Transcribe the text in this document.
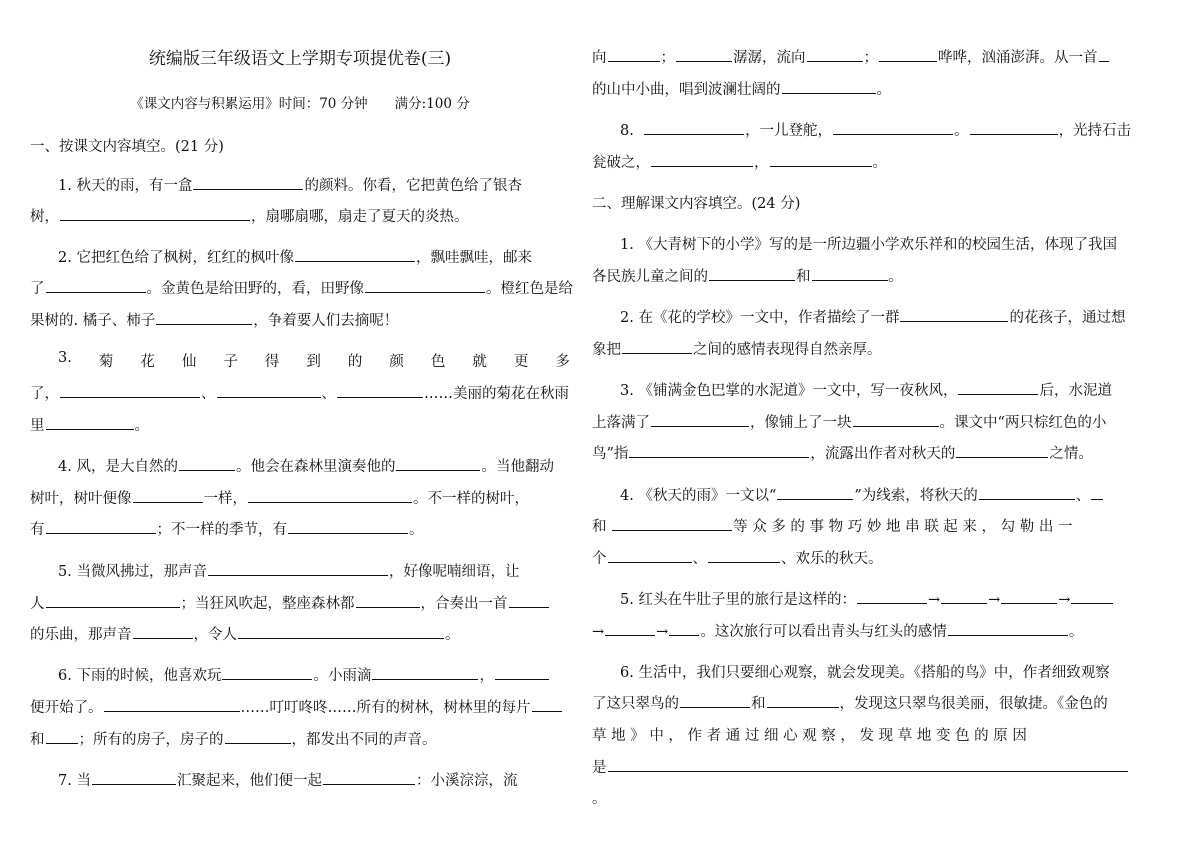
统编版三年级语文上学期专项提优卷(三)
《课文内容与积累运用》时间：70 分钟　　满分:100 分
一、按课文内容填空。(21 分)
1. 秋天的雨，有一盒	的颜料。你看，它把黄色给了银杏
树，	，扇哪扇哪，扇走了夏天的炎热。
2. 它把红色给了枫树，红红的枫叶像	，飘哇飘哇，邮来
了	。金黄色是给田野的，看，田野像	。橙红色是给
果树的. 橘子、柿子	，争着要人们去摘呢！
3. 菊 花 仙 子 得 到 的 颜 色 就 更 多
了，	、	、	……美丽的菊花在秋雨
里	。
4. 风，是大自然的	。他会在森林里演奏他的	。当他翻动
树叶，树叶便像	一样，	。不一样的树叶，
有	；不一样的季节，有	。
5. 当微风拂过，那声音	，好像呢喃细语，让
人	；当狂风吹起，整座森林都	，合奏出一首
的乐曲，那声音	，令人	。
6. 下雨的时候，他喜欢玩	。小雨滴	，
便开始了。	……叮叮咚咚……所有的树林，树林里的每片
和 ；所有的房子，房子的	，都发出不同的声音。
7. 当	汇聚起来，他们便一起	：小溪淙淙，流
向	；	潺潺，流向	；	哗哗，汹涌澎湃。从一首
的山中小曲，唱到波澜壮阔的	。
8.	，一儿登舵，	。	，光持石击
瓮破之，	，	。
二、理解课文内容填空。(24 分)
1. 《大青树下的小学》写的是一所边疆小学欢乐祥和的校园生活，体现了我国
各民族儿童之间的	和	。
2. 在《花的学校》一文中，作者描绘了一群	的花孩子，通过想
象把	之间的感情表现得自然亲厚。
3. 《铺满金色巴掌的水泥道》一文中，写一夜秋风，	后，水泥道
上落满了	，像铺上了一块	。课文中“两只棕红色的小
鸟”指	，流露出作者对秋天的	之情。
4. 《秋天的雨》一文以“	”为线索，将秋天的	、
和	等 众 多 的 事 物 巧 妙 地 串 联 起 来 ， 勾 勒 出 一
个	、	、欢乐的秋天。
5. 红头在牛肚子里的旅行是这样的：	→	→	→
→	→ 。这次旅行可以看出青头与红头的感情	。
6. 生活中，我们只要细心观察，就会发现美。《搭船的鸟》中，作者细致观察
了这只翠鸟的	和	，发现这只翠鸟很美丽，很敏捷。《金色的
草 地 》 中 ， 作 者 通 过 细 心 观 察 ， 发 现 草 地 变 色 的 原 因
是
。
